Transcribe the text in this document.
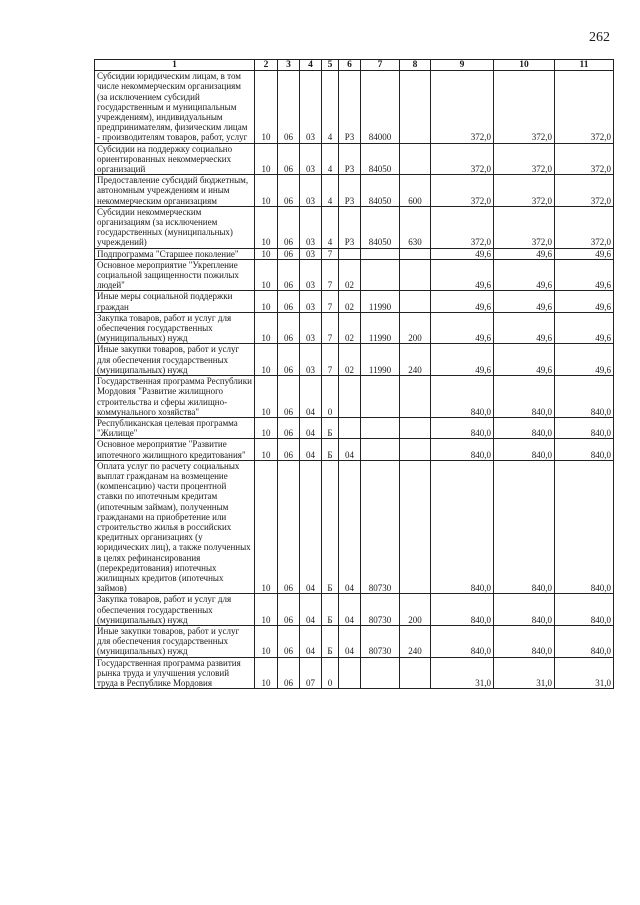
262
1	2	3	4	5	6	7	8	9	10	11
Субсидии юридическим лицам, в том числе некоммерческим организациям (за исключением субсидий государственным и муниципальным учреждениям), индивидуальным предпринимателям, физическим лицам - производителям товаров, работ, услуг	10	06	03	4	Р3	84000		372,0	372,0	372,0
Субсидии на поддержку социально ориентированных некоммерческих организаций	10	06	03	4	Р3	84050		372,0	372,0	372,0
Предоставление субсидий бюджетным, автономным учреждениям и иным некоммерческим организациям	10	06	03	4	Р3	84050	600	372,0	372,0	372,0
Субсидии некоммерческим организациям (за исключением государственных (муниципальных) учреждений)	10	06	03	4	Р3	84050	630	372,0	372,0	372,0
Подпрограмма "Старшее поколение"	10	06	03	7				49,6	49,6	49,6
Основное мероприятие "Укрепление социальной защищенности пожилых людей"	10	06	03	7	02			49,6	49,6	49,6
Иные меры социальной поддержки граждан	10	06	03	7	02	11990		49,6	49,6	49,6
Закупка товаров, работ и услуг для обеспечения государственных (муниципальных) нужд	10	06	03	7	02	11990	200	49,6	49,6	49,6
Иные закупки товаров, работ и услуг для обеспечения государственных (муниципальных) нужд	10	06	03	7	02	11990	240	49,6	49,6	49,6
Государственная программа Республики Мордовия "Развитие жилищного строительства и сферы жилищно-коммунального хозяйства"	10	06	04	0				840,0	840,0	840,0
Республиканская целевая программа "Жилище"	10	06	04	Б				840,0	840,0	840,0
Основное мероприятие "Развитие ипотечного жилищного кредитования"	10	06	04	Б	04			840,0	840,0	840,0
Оплата услуг по расчету социальных выплат гражданам на возмещение (компенсацию) части процентной ставки по ипотечным кредитам (ипотечным займам), полученным гражданами на приобретение или строительство жилья в российских кредитных организациях (у юридических лиц), а также полученных в целях рефинансирования (перекредитования) ипотечных жилищных кредитов (ипотечных займов)	10	06	04	Б	04	80730		840,0	840,0	840,0
Закупка товаров, работ и услуг для обеспечения государственных (муниципальных) нужд	10	06	04	Б	04	80730	200	840,0	840,0	840,0
Иные закупки товаров, работ и услуг для обеспечения государственных (муниципальных) нужд	10	06	04	Б	04	80730	240	840,0	840,0	840,0
Государственная программа развития рынка труда и улучшения условий труда в Республике Мордовия	10	06	07	0				31,0	31,0	31,0
